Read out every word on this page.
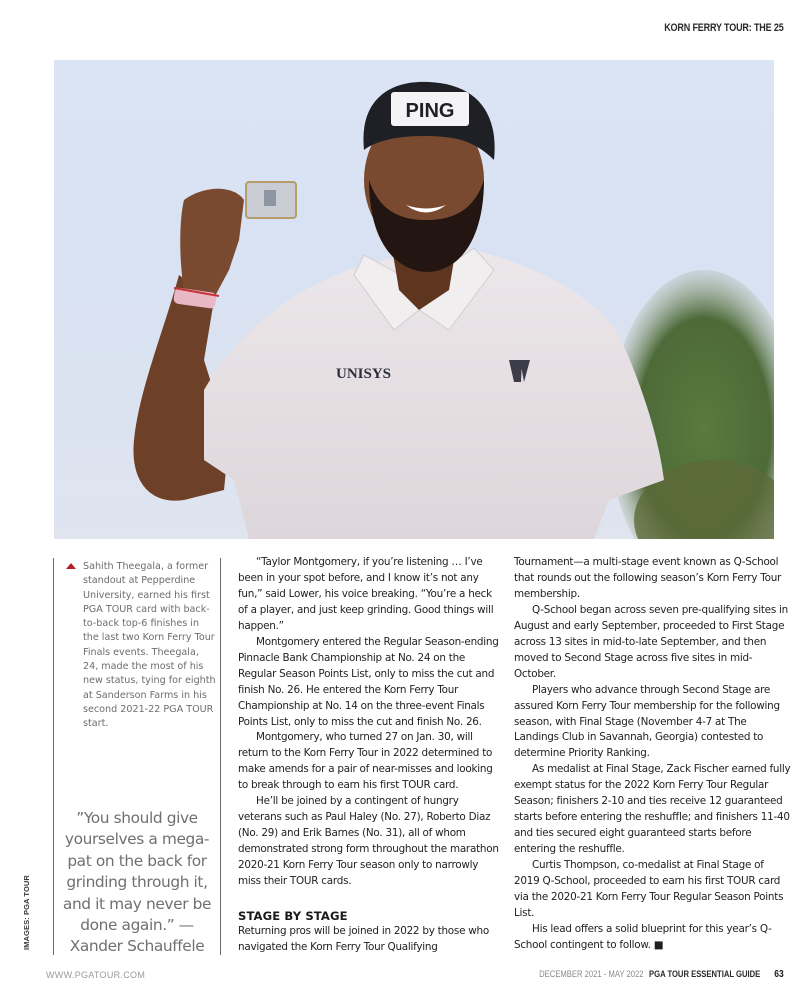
KORN FERRY TOUR: THE 25
PING
UNISYS

Sahith Theegala, a former standout at Pepperdine University, earned his first PGA TOUR card with back-to-back top-6 finishes in the last two Korn Ferry Tour Finals events. Theegala, 24, made the most of his new status, tying for eighth at Sanderson Farms in his second 2021-22 PGA TOUR start.

”You should give yourselves a mega-pat on the back for grinding through it, and it may never be done again.” — Xander Schauffele
IMAGES: PGA TOUR

“Taylor Montgomery, if you’re listening … I’ve been in your spot before, and I know it’s not any fun,” said Lower, his voice breaking. “You’re a heck of a player, and just keep grinding. Good things will happen.”

Montgomery entered the Regular Season-ending Pinnacle Bank Championship at No. 24 on the Regular Season Points List, only to miss the cut and finish No. 26. He entered the Korn Ferry Tour Championship at No. 14 on the three-event Finals Points List, only to miss the cut and finish No. 26.

Montgomery, who turned 27 on Jan. 30, will return to the Korn Ferry Tour in 2022 determined to make amends for a pair of near-misses and looking to break through to earn his first TOUR card.

He’ll be joined by a contingent of hungry veterans such as Paul Haley (No. 27), Roberto Diaz (No. 29) and Erik Barnes (No. 31), all of whom demonstrated strong form throughout the marathon 2020-21 Korn Ferry Tour season only to narrowly miss their TOUR cards.

STAGE BY STAGE

Returning pros will be joined in 2022 by those who navigated the Korn Ferry Tour Qualifying

Tournament—a multi-stage event known as Q-School that rounds out the following season’s Korn Ferry Tour membership.

Q-School began across seven pre-qualifying sites in August and early September, proceeded to First Stage across 13 sites in mid-to-late September, and then moved to Second Stage across five sites in mid-October.

Players who advance through Second Stage are assured Korn Ferry Tour membership for the following season, with Final Stage (November 4-7 at The Landings Club in Savannah, Georgia) contested to determine Priority Ranking.

As medalist at Final Stage, Zack Fischer earned fully exempt status for the 2022 Korn Ferry Tour Regular Season; finishers 2-10 and ties receive 12 guaranteed starts before entering the reshuffle; and finishers 11-40 and ties secured eight guaranteed starts before entering the reshuffle.

Curtis Thompson, co-medalist at Final Stage of 2019 Q-School, proceeded to earn his first TOUR card via the 2020-21 Korn Ferry Tour Regular Season Points List.

His lead offers a solid blueprint for this year’s Q-School contingent to follow. ■

WWW.PGATOUR.COM	DECEMBER 2021 - MAY 2022 PGA TOUR ESSENTIAL GUIDE 63
